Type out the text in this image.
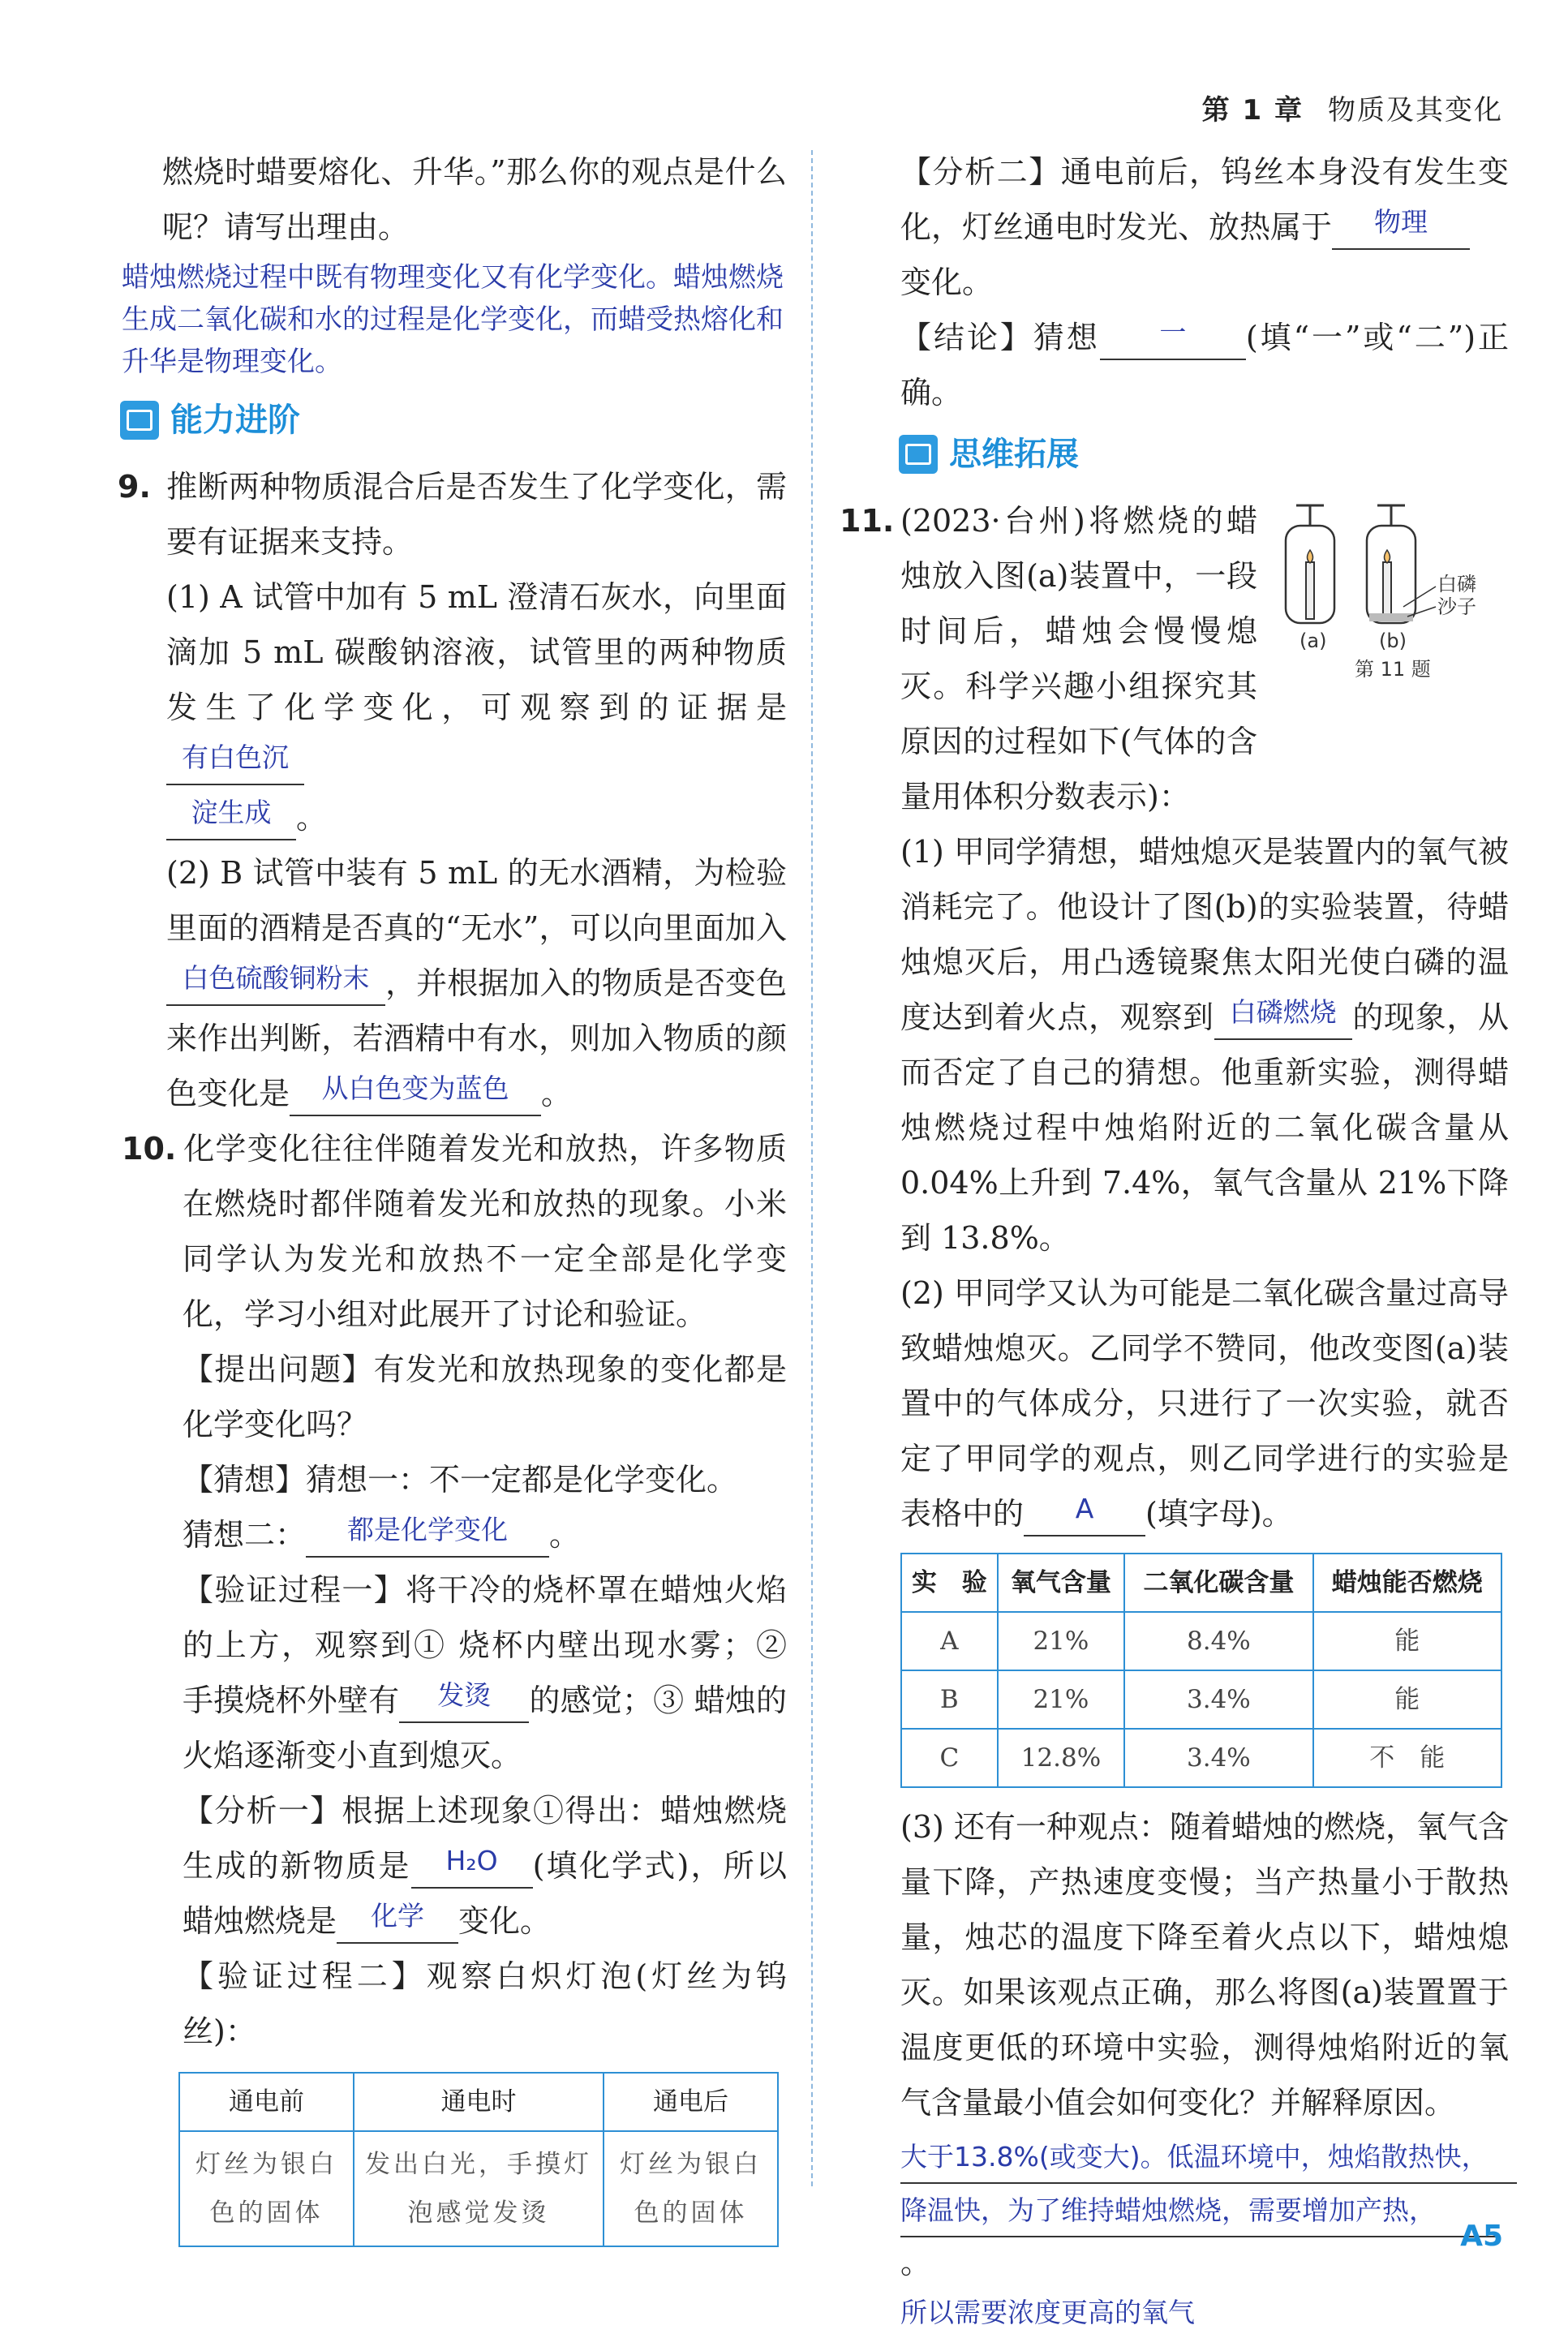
第 1 章 物质及其变化

燃烧时蜡要熔化、升华。”那么你的观点是什么呢？请写出理由。

蜡烛燃烧过程中既有物理变化又有化学变化。蜡烛燃烧生成二氧化碳和水的过程是化学变化，而蜡受热熔化和升华是物理变化。
能力进阶

9. 推断两种物质混合后是否发生了化学变化，需要有证据来支持。

(1) A 试管中加有 5 mL 澄清石灰水，向里面滴加 5 mL 碳酸钠溶液，试管里的两种物质发生了化学变化，可观察到的证据是有白色沉
淀生成 。

(2) B 试管中装有 5 mL 的无水酒精，为检验里面的酒精是否真的“无水”，可以向里面加入白色硫酸铜粉末 ，并根据加入的物质是否变色来作出判断，若酒精中有水，则加入物质的颜色变化是 从白色变为蓝色 。

10. 化学变化往往伴随着发光和放热，许多物质在燃烧时都伴随着发光和放热的现象。小米同学认为发光和放热不一定全部是化学变化，学习小组对此展开了讨论和验证。

【提出问题】有发光和放热现象的变化都是化学变化吗？

【猜想】猜想一：不一定都是化学变化。

猜想二： 都是化学变化 。

【验证过程一】将干冷的烧杯罩在蜡烛火焰的上方，观察到① 烧杯内壁出现水雾；② 手摸烧杯外壁有 发烫 的感觉；③ 蜡烛的火焰逐渐变小直到熄灭。

【分析一】根据上述现象①得出：蜡烛燃烧生成的新物质是 H₂O (填化学式)，所以蜡烛燃烧是 化学 变化。

【验证过程二】观察白炽灯泡(灯丝为钨丝)：

通电前	通电时	通电后
灯丝为银白色的固体	发出白光，手摸灯泡感觉发烫	灯丝为银白色的固体

【分析二】通电前后，钨丝本身没有发生变化，灯丝通电时发光、放热属于 物理
变化。

【结论】猜想 一 (填“一”或“二”)正确。

思维拓展

11. (2023·台州)将燃烧的蜡烛放入图(a)装置中，一段时间后，蜡烛会慢慢熄灭。科学兴趣小组探究其原因的过程如下(气体的含量用体积分数表示)：

(1) 甲同学猜想，蜡烛熄灭是装置内的氧气被消耗完了。他设计了图(b)的实验装置，待蜡烛熄灭后，用凸透镜聚焦太阳光使白磷的温度达到着火点，观察到 白磷燃烧 的现象，从而否定了自己的猜想。他重新实验，测得蜡烛燃烧过程中烛焰附近的二氧化碳含量从 0.04%上升到 7.4%，氧气含量从 21%下降到 13.8%。

(2) 甲同学又认为可能是二氧化碳含量过高导致蜡烛熄灭。乙同学不赞同，他改变图(a)装置中的气体成分，只进行了一次实验，就否定了甲同学的观点，则乙同学进行的实验是表格中的 A (填字母)。

实　验	氧气含量	二氧化碳含量	蜡烛能否燃烧
A	21%	8.4%	能
B	21%	3.4%	能
C	12.8%	3.4%	不　能

(3) 还有一种观点：随着蜡烛的燃烧，氧气含量下降，产热速度变慢；当产热量小于散热量，烛芯的温度下降至着火点以下，蜡烛熄灭。如果该观点正确，那么将图(a)装置置于温度更低的环境中实验，测得烛焰附近的氧气含量最小值会如何变化？并解释原因。

大于13.8%(或变大)。低温环境中，烛焰散热快，
降温快，为了维持蜡烛燃烧，需要增加产热，。
所以需要浓度更高的氧气
(a)	(b)
白磷
沙子
第 11 题
A5
